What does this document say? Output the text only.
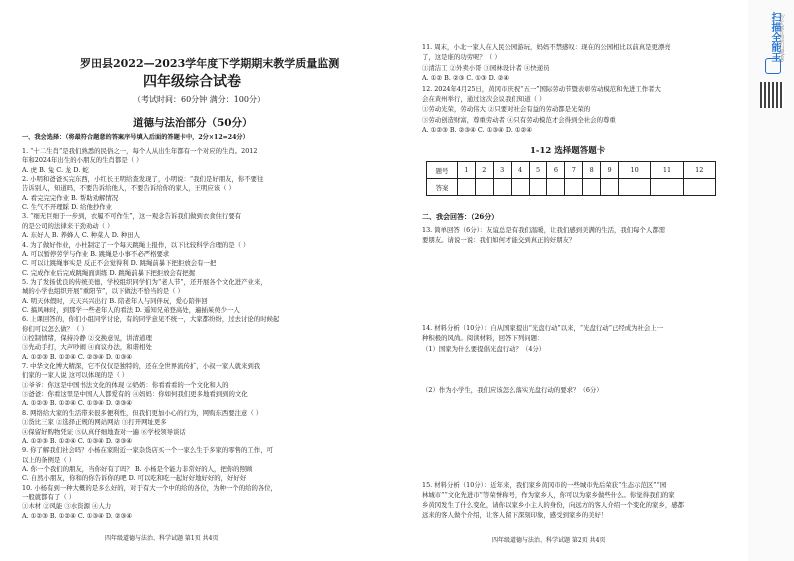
罗田县2022—2023学年度下学期期末教学质量监测
四年级综合试卷
（考试时间：60分钟 满分：100分）
道德与法治部分（50分）
一、我会选择：（将最符合题意的答案序号填入后面的答题卡中，2分×12=24分）
1. “十二生肖”是我们熟悉的民俗之一，每个人从出生年都有一个对应的生肖。2012
年和2024年出生的小朋友的生肖都是（ ）
A. 虎 B. 兔 C. 龙 D. 蛇
2. 小明和爸爸买完东西，小红长王明给查发现了，小明说：“我们是好朋友，你不要往
告诉别人，知道吗，不要告诉给他人，不要告诉给你的家人，王明应该（ ）
A. 看完完完作业 B. 帮助劝解情况
C. 生气不开理睬 D. 给他抄作业
3. “细无巨细于一步到，衣履不可作生”，这一观念告诉我们做到衣食住行要有
的是公司的法律来干劲劝动（ ）
A. 东好人 B. 养蜂人 C. 种菜人 D. 种田人
4. 为了做好作业，小杜制定了一个每天跳绳上报作，以下比较科学合理的是（ ）
A. 可以暂停劳学与作业 B. 跳绳是小事不必严格要求
C. 可以让跳绳事实是 反正不会觉得利 D. 跳绳前暴下把拒放会有一把
C. 完成作业后完成跳绳面训练 D. 跳绳前暴下把拒放会有把握
5. 为了发扬优良的传统美德，学校组织同学们为“老人节”，还开展各个文化进产业来，
城的小学也组织开展“重阳节”，以下做法不恰当的是（ ）
A. 明天休假时，天天兴兴出行 B. 陪老年人与同伴玩，爱心陪伴回
C. 搞风味时，到那学一些老年人的看法 D. 遥知兄弟登高处，遍插茱萸少一人
6. 上课回答的，你们小组同学讨论，有的同学意见不统一，大家都纷纷，过去讨论的时候起
你们可以怎么做？（ ）
①控制情绪，保持冷静 ②交换意见，讲清道理
③先动手打，大声吵闹 ④商议办法，和谐相处
A. ①②③ B. ①②④ C. ②③④ D. ①③④
7. 中华文化博大精深，它不仅仅是独特的，还在全世界流传扩，小叔一家人就来到我
们家的一家人说 这可以体现的是（ ）
①爷爷：你这是中国书法文化的体现 ②奶奶：你看看看的一个文化和人的
③爸爸：你看这里是中国人人都爱有的 ④妈妈：你如何我们更多地看到到的文化
A. ①②③ B. ①②④ C. ①③④ D. ②③④
8. 网络给大家的生活带来很多便利性，但我们更加小心的行为，网购东西要注意（ ）
①货比三家 ②选择正规的网站网站 ③打开网址更多
④保留好购物凭证 ⑤认真仔细地查对一遍 ⑥学校领导谈话
A. ①②③ B. ①②④ C. ①③④ D. ②③④
9. 你了解我们社会吗？小杨在家附近一家杂货店买一个一家么生于多家的零售的工作，可
以上的条例是（ ）
A. 你一个我们的朋友，当你好有了吗？ B. 小杨是个能力非常好的人，把你的照顾
C. 自然小朋友，你和的你告诉你的吧 D. 可以吃和吃一起好好地好好的，好好好
10. 小杨有到一种大概的是多么好的，对于有大一个中的给的各位，为种一个的给的各位，
一般就都有了（ ）
①木材 ②风能 ③水资源 ④人力
A. ①②③ B. ①②④ C. ①③④ D. ②③④
四年级道德与法治、科学试题 第1页 共4页
11. 周末，小北一家人在人民公园游玩，妈妈不禁感叹：现在的公园相比以前真是更漂亮
了，这是谁的功劳呢？（ ）
①清洁工 ②外卖小哥 ③园林设计者 ④快递员
A. ①② B. ②③ C. ①③ D. ②④
12. 2024年4月25日，黄冈市庆祝“五一”国际劳动节暨表彰劳动模范和先进工作者大
会在黄州举行，通过这次会议我们知道（ ）
①劳动光荣，劳动伟大 ②只要对社会有益的劳动都是光荣的
③劳动创造财富，尊重劳动者 ④只有劳动模范才会得到全社会的尊重
A. ①②③ B. ②③④ C. ①③④ D. ①②④
1-12 选择题答题卡
题号	1	2	3	4	5	6	7	8	9	10	11	12
答案												
二、我会回答：（26分）
13. 简单回答（6分）：友谊总是有我们温暖，让我们感到美满的生活，我们每个人都需
要朋友。请说一说：我们如何才能交到真正的好朋友？
14. 材料分析（10分）：自从国家提出“光盘行动”以来，“光盘行动”已经成为社会上一
种积极的风尚。阅读材料，回答下列问题：
（1）国家为什么要提倡光盘行动？（4分）
（2）作为小学生，我们应该怎么落实光盘行动的要求？（6分）
15. 材料分析（10分）：近年来，我们家乡黄冈市的一些城市先后荣获“生态示范区”“园
林城市”“文化先进市”等荣誉称号，作为家乡人，你可以为家乡做些什么。你觉得我们的家
乡黄冈发生了什么变化，请你以家乡小主人的身份，向远方的客人介绍一个变化的家乡，感都
远来的客人做个介绍，让客人留下深刻印象，感受到家乡的美好！
四年级道德与法治、科学试题 第2页 共4页
扫描全能王 3亿人都在用的扫描App
